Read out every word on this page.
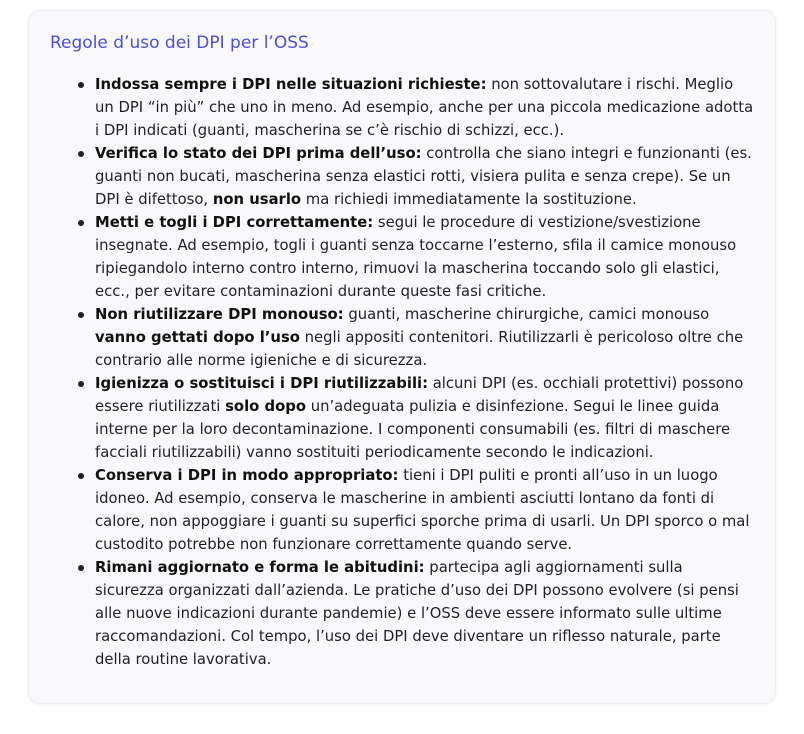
Regole d’uso dei DPI per l’OSS
Indossa sempre i DPI nelle situazioni richieste: non sottovalutare i rischi. Meglio un DPI “in più” che uno in meno. Ad esempio, anche per una piccola medicazione adotta i DPI indicati (guanti, mascherina se c’è rischio di schizzi, ecc.).
Verifica lo stato dei DPI prima dell’uso: controlla che siano integri e funzionanti (es. guanti non bucati, mascherina senza elastici rotti, visiera pulita e senza crepe). Se un DPI è difettoso, non usarlo ma richiedi immediatamente la sostituzione.
Metti e togli i DPI correttamente: segui le procedure di vestizione/svestizione insegnate. Ad esempio, togli i guanti senza toccarne l’esterno, sfila il camice monouso ripiegandolo interno contro interno, rimuovi la mascherina toccando solo gli elastici, ecc., per evitare contaminazioni durante queste fasi critiche.
Non riutilizzare DPI monouso: guanti, mascherine chirurgiche, camici monouso vanno gettati dopo l’uso negli appositi contenitori. Riutilizzarli è pericoloso oltre che contrario alle norme igieniche e di sicurezza.
Igienizza o sostituisci i DPI riutilizzabili: alcuni DPI (es. occhiali protettivi) possono essere riutilizzati solo dopo un’adeguata pulizia e disinfezione. Segui le linee guida interne per la loro decontaminazione. I componenti consumabili (es. filtri di maschere facciali riutilizzabili) vanno sostituiti periodicamente secondo le indicazioni.
Conserva i DPI in modo appropriato: tieni i DPI puliti e pronti all’uso in un luogo idoneo. Ad esempio, conserva le mascherine in ambienti asciutti lontano da fonti di calore, non appoggiare i guanti su superfici sporche prima di usarli. Un DPI sporco o mal custodito potrebbe non funzionare correttamente quando serve.
Rimani aggiornato e forma le abitudini: partecipa agli aggiornamenti sulla sicurezza organizzati dall’azienda. Le pratiche d’uso dei DPI possono evolvere (si pensi alle nuove indicazioni durante pandemie) e l’OSS deve essere informato sulle ultime raccomandazioni. Col tempo, l’uso dei DPI deve diventare un riflesso naturale, parte della routine lavorativa.
